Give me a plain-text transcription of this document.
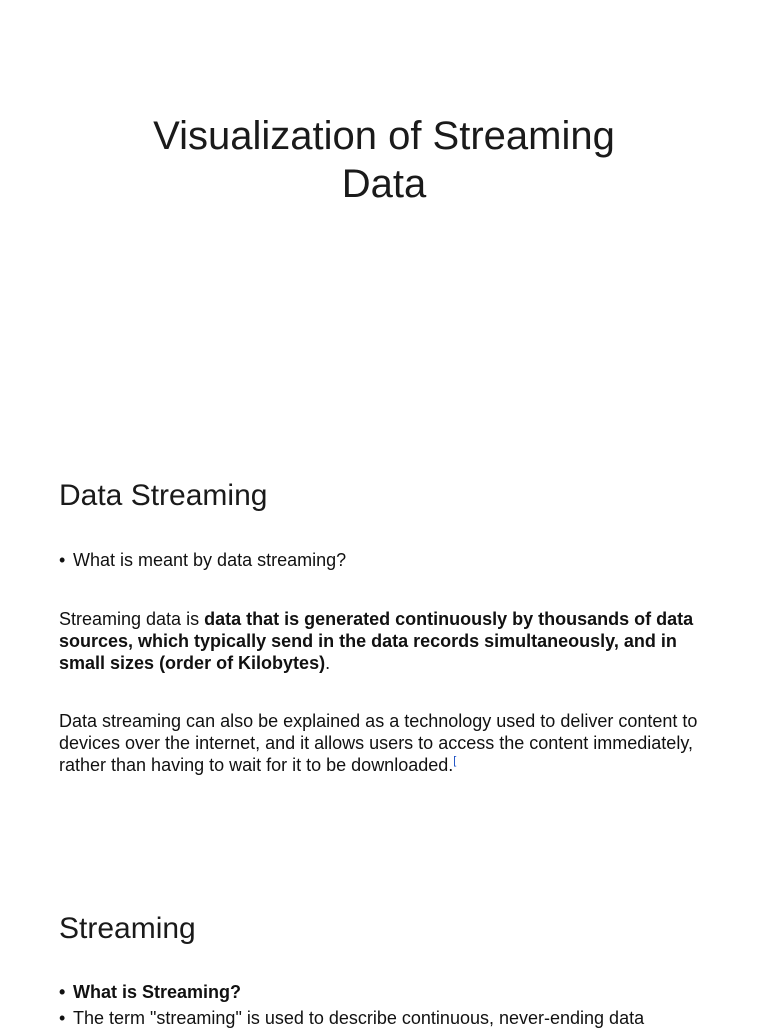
Visualization of Streaming
Data
Data Streaming
• What is meant by data streaming?

Streaming data is data that is generated continuously by thousands of data sources, which typically send in the data records simultaneously, and in small sizes (order of Kilobytes).

Data streaming can also be explained as a technology used to deliver content to devices over the internet, and it allows users to access the content immediately, rather than having to wait for it to be downloaded.[

Streaming
• What is Streaming?
• The term "streaming" is used to describe continuous, never-ending data
